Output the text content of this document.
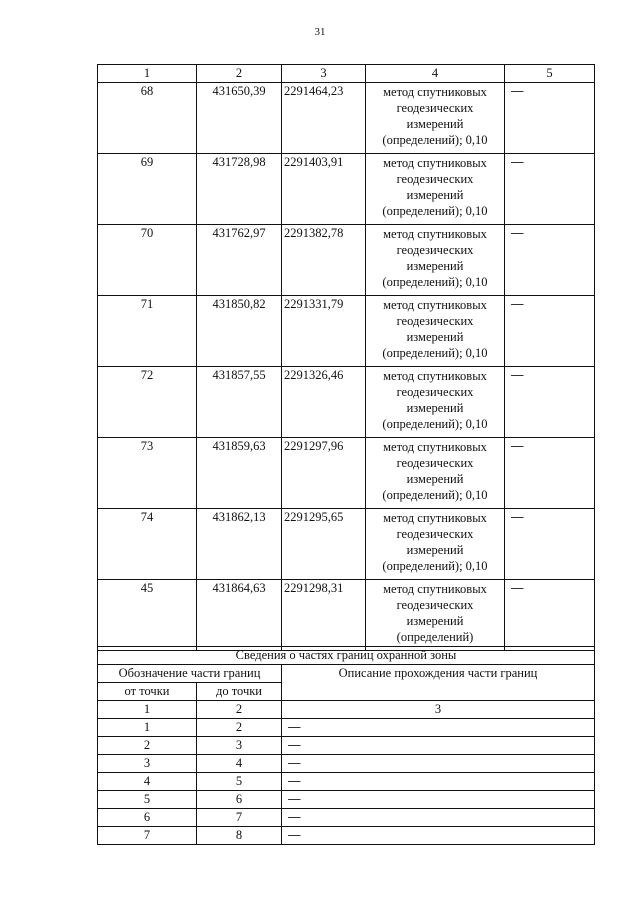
31
1	2	3	4	5
68	431650,39	2291464,23	метод спутниковых
геодезических
измерений
(определений); 0,10	—
69	431728,98	2291403,91	метод спутниковых
геодезических
измерений
(определений); 0,10	—
70	431762,97	2291382,78	метод спутниковых
геодезических
измерений
(определений); 0,10	—
71	431850,82	2291331,79	метод спутниковых
геодезических
измерений
(определений); 0,10	—
72	431857,55	2291326,46	метод спутниковых
геодезических
измерений
(определений); 0,10	—
73	431859,63	2291297,96	метод спутниковых
геодезических
измерений
(определений); 0,10	—
74	431862,13	2291295,65	метод спутниковых
геодезических
измерений
(определений); 0,10	—
45	431864,63	2291298,31	метод спутниковых
геодезических
измерений
(определений)	—
Сведения о частях границ охранной зоны		
Обозначение части границ		Описание прохождения части границ
от точки	до точки	
1	2	3
1	2	—
2	3	—
3	4	—
4	5	—
5	6	—
6	7	—
7	8	—
